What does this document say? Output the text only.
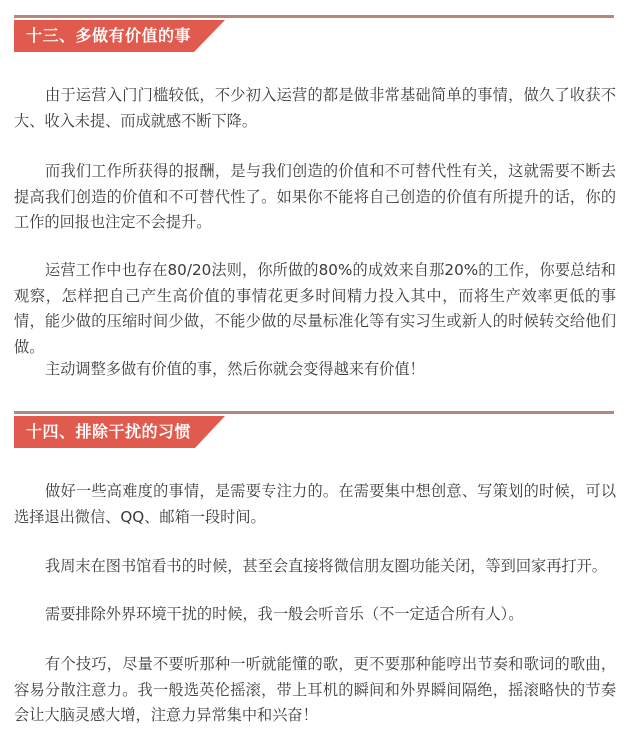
十三、多做有价值的事

由于运营入门门槛较低，不少初入运营的都是做非常基础简单的事情，做久了收获不大、收入未提、而成就感不断下降。

而我们工作所获得的报酬，是与我们创造的价值和不可替代性有关，这就需要不断去提高我们创造的价值和不可替代性了。如果你不能将自己创造的价值有所提升的话，你的工作的回报也注定不会提升。

运营工作中也存在80/20法则，你所做的80%的成效来自那20%的工作，你要总结和观察，怎样把自己产生高价值的事情花更多时间精力投入其中，而将生产效率更低的事情，能少做的压缩时间少做，不能少做的尽量标准化等有实习生或新人的时候转交给他们做。

主动调整多做有价值的事，然后你就会变得越来有价值！

十四、排除干扰的习惯

做好一些高难度的事情，是需要专注力的。在需要集中想创意、写策划的时候，可以选择退出微信、QQ、邮箱一段时间。

我周末在图书馆看书的时候，甚至会直接将微信朋友圈功能关闭，等到回家再打开。

需要排除外界环境干扰的时候，我一般会听音乐（不一定适合所有人）。

有个技巧，尽量不要听那种一听就能懂的歌，更不要那种能哼出节奏和歌词的歌曲，容易分散注意力。我一般选英伦摇滚，带上耳机的瞬间和外界瞬间隔绝，摇滚略快的节奏会让大脑灵感大增，注意力异常集中和兴奋！
